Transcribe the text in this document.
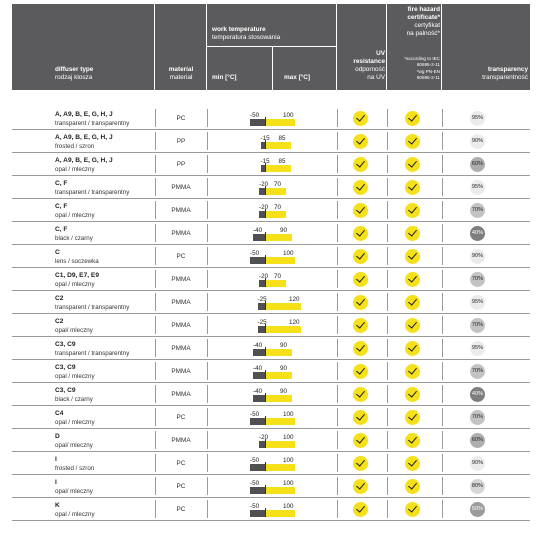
diffuser type
rodzaj klosza
material
materiał
work temperature
temperatura stosowania
min [°C]	max [°C]
UV
resistance
odporność
na UV
fire hazard
certificate*
certyfikat
na palność*
*according to IEC
60695-2-11
*wg PN-EN
60695-2-11
transparency
transparentność
A, A9, B, E, G, H, J
transparent / transparentny
PC	-50	100	95%
A, A9, B, E, G, H, J
frosted / szron
PP	-15 85	90%
A, A9, B, E, G, H, J
opal / mleczny
PP	-15 85	60%
C, F
transparent / transparentny
PMMA	-20 70	95%
C, F
opal / mleczny
PMMA	-20 70	70%
C, F
black / czarny
PMMA	-40	90	40%
C
lens / soczewka
PC	-50	100	90%
C1, D9, E7, E9
opal / mleczny
PMMA	-20 70	70%
C2
transparent / transparentny
PMMA	-25	120	95%
C2
opal/ mleczny
PMMA	-25	120	70%
C3, C9
transparent / transparentny
PMMA	-40	90	95%
C3, C9
opal / mleczny
PMMA	-40	90	70%
C3, C9
black / czarny
PMMA	-40	90	40%
C4
opal / mleczny
PC	-50	100	70%
D
opal/ mleczny
PMMA	-20 100	60%
I
frosted / szron
PC	-50	100	90%
I
opal/ mleczny
PC	-50	100	80%
K
opal / mleczny
PC	-50	100	50%
